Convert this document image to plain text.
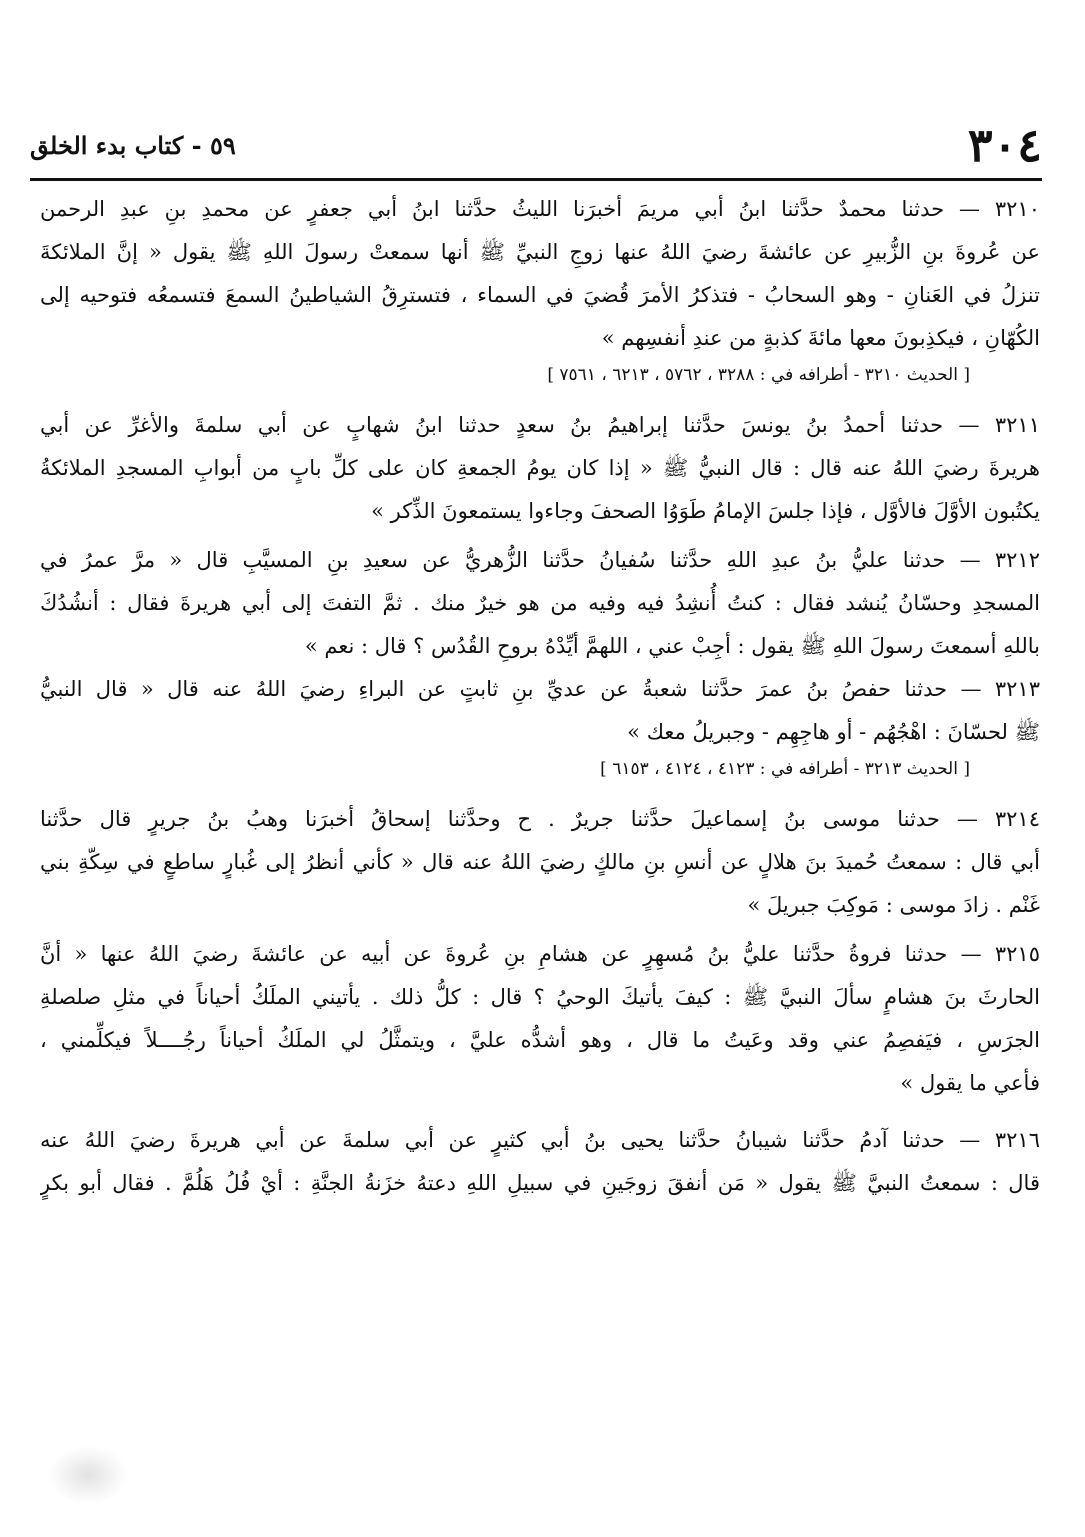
٣٠٤
٥٩ - كتاب بدء الخلق
٣٢١٠ — حدثنا محمدٌ حدَّثنا ابنُ أبي مريمَ أخبرَنا الليثُ حدَّثنا ابنُ أبي جعفرٍ عن محمدِ بنِ عبدِ الرحمن
عن عُروةَ بنِ الزُّبيرِ عن عائشةَ رضيَ اللهُ عنها زوجِ النبيِّ ﷺ أنها سمعتْ رسولَ اللهِ ﷺ يقول « إنَّ الملائكةَ
تنزلُ في العَنانِ - وهو السحابُ - فتذكرُ الأمرَ قُضيَ في السماء ، فتسترِقُ الشياطينُ السمعَ فتسمعُه فتوحيه إلى
الكُهّانِ ، فيكذِبونَ معها مائةَ كذبةٍ من عندِ أنفسِهم »
[ الحديث ٣٢١٠ - أطرافه في : ٣٢٨٨ ، ٥٧٦٢ ، ٦٢١٣ ، ٧٥٦١ ]
٣٢١١ — حدثنا أحمدُ بنُ يونسَ حدَّثنا إبراهيمُ بنُ سعدٍ حدثنا ابنُ شهابٍ عن أبي سلمةَ والأغرِّ عن أبي
هريرةَ رضيَ اللهُ عنه قال : قال النبيُّ ﷺ « إذا كان يومُ الجمعةِ كان على كلِّ بابٍ من أبوابِ المسجدِ الملائكةُ
يكتُبون الأوَّلَ فالأوَّل ، فإذا جلسَ الإمامُ طَوَوُا الصحفَ وجاءوا يستمعونَ الذِّكر »
٣٢١٢ — حدثنا عليُّ بنُ عبدِ اللهِ حدَّثنا سُفيانُ حدَّثنا الزُّهريُّ عن سعيدِ بنِ المسيَّبِ قال « مرَّ عمرُ في
المسجدِ وحسّانُ يُنشد فقال : كنتُ أُنشِدُ فيه وفيه من هو خيرٌ منك . ثمَّ التفتَ إلى أبي هريرةَ فقال : أنشُدُكَ
باللهِ أسمعتَ رسولَ اللهِ ﷺ يقول : أجِبْ عني ، اللهمَّ أيِّدْهُ بروحِ القُدُس ؟ قال : نعم »
٣٢١٣ — حدثنا حفصُ بنُ عمرَ حدَّثنا شعبةُ عن عديِّ بنِ ثابتٍ عن البراءِ رضيَ اللهُ عنه قال « قال النبيُّ
ﷺ لحسّانَ : اهْجُهُم - أو هاجِهِم - وجبريلُ معك »
[ الحديث ٣٢١٣ - أطرافه في : ٤١٢٣ ، ٤١٢٤ ، ٦١٥٣ ]
٣٢١٤ — حدثنا موسى بنُ إسماعيلَ حدَّثنا جريرٌ . ح وحدَّثنا إسحاقُ أخبرَنا وهبُ بنُ جريرٍ قال حدَّثنا
أبي قال : سمعتُ حُميدَ بنَ هلالٍ عن أنسِ بنِ مالكٍ رضيَ اللهُ عنه قال « كأني أنظرُ إلى غُبارٍ ساطعٍ في سِكّةِ بني
غَنْم . زادَ موسى : مَوكِبَ جبريلَ »
٣٢١٥ — حدثنا فروةُ حدَّثنا عليُّ بنُ مُسهِرٍ عن هشامِ بنِ عُروةَ عن أبيه عن عائشةَ رضيَ اللهُ عنها « أنَّ
الحارثَ بنَ هشامٍ سألَ النبيَّ ﷺ : كيفَ يأتيكَ الوحيُ ؟ قال : كلُّ ذلك . يأتيني الملَكُ أحياناً في مثلِ صلصلةِ
الجرَسِ ، فيَفصِمُ عني وقد وعَيتُ ما قال ، وهو أشدُّه عليَّ ، ويتمثَّلُ لي الملَكُ أحياناً رجُــــلاً فيكلِّمني ،
فأعي ما يقول »
٣٢١٦ — حدثنا آدمُ حدَّثنا شيبانُ حدَّثنا يحيى بنُ أبي كثيرٍ عن أبي سلمةَ عن أبي هريرةَ رضيَ اللهُ عنه
قال : سمعتُ النبيَّ ﷺ يقول « مَن أنفقَ زوجَينِ في سبيلِ اللهِ دعتهُ خزَنةُ الجنَّةِ : أيْ فُلُ هَلُمَّ . فقال أبو بكرٍ
